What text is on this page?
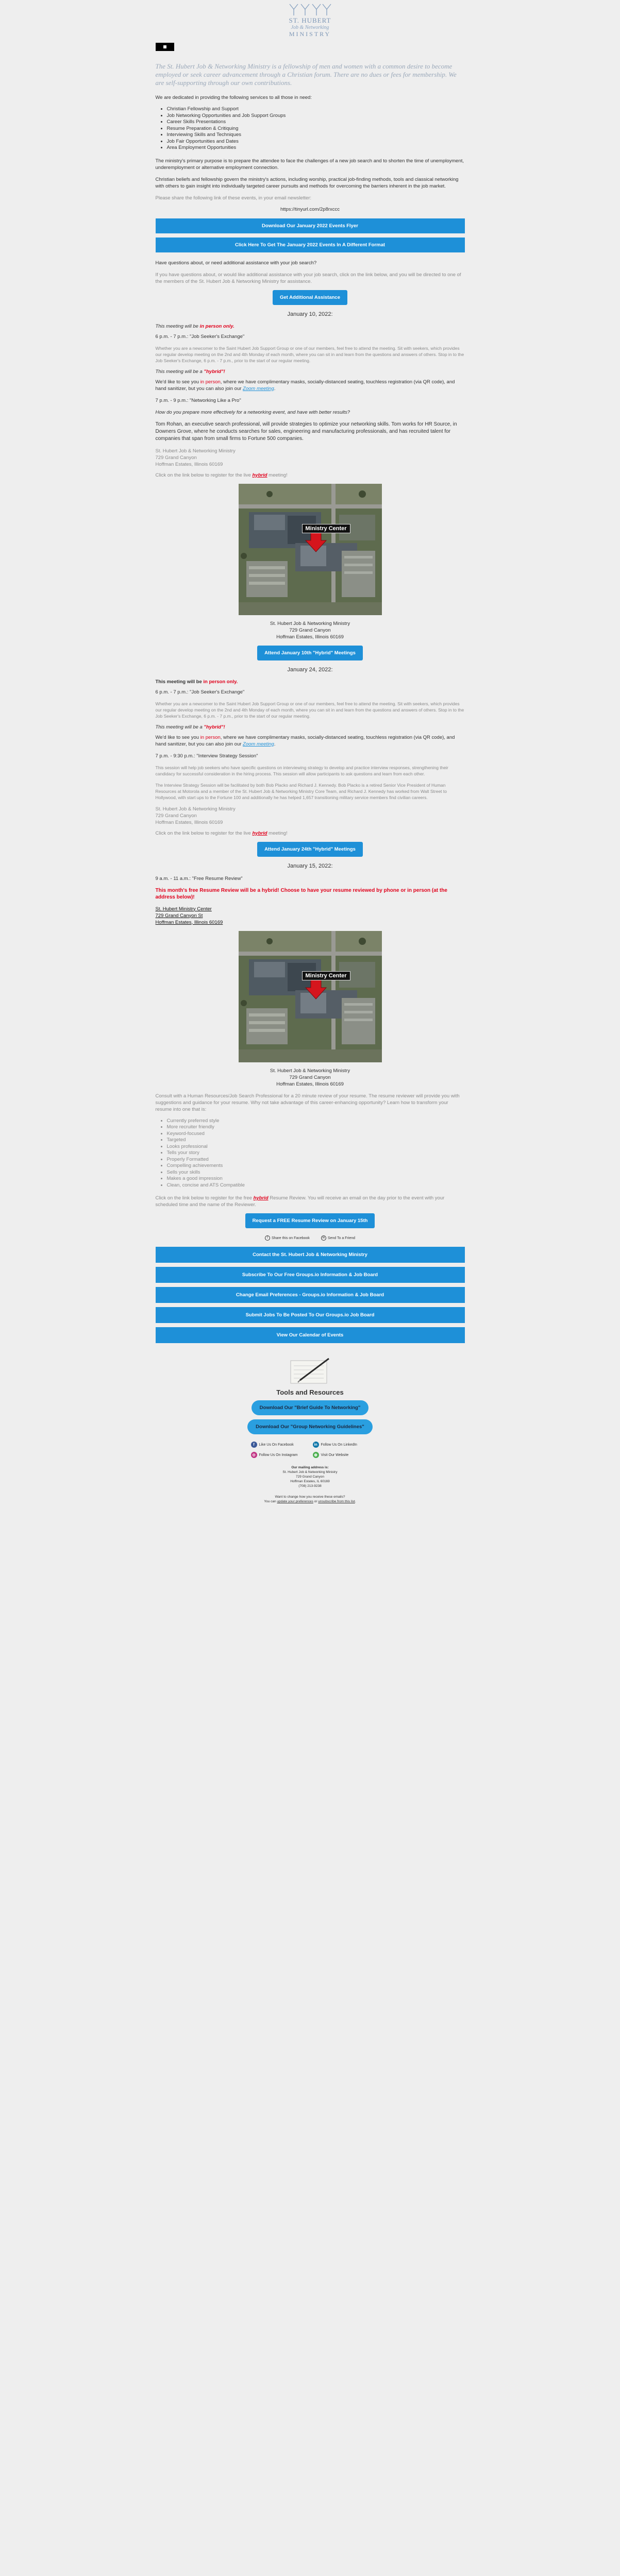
ST. HUBERT
Job & Networking
MINISTRY
The St. Hubert Job & Networking Ministry is a fellowship of men and women with a common desire to become employed or seek career advancement through a Christian forum. There are no dues or fees for membership. We are self-supporting through our own contributions.
We are dedicated in providing the following services to all those in need:
• Christian Fellowship and Support
• Job Networking Opportunities and Job Support Groups
• Career Skills Presentations
• Resume Preparation & Critiquing
• Interviewing Skills and Techniques
• Job Fair Opportunities and Dates
• Area Employment Opportunities
The ministry's primary purpose is to prepare the attendee to face the challenges of a new job search and to shorten the time of unemployment, underemployment or alternative employment connection.
Christian beliefs and fellowship govern the ministry's actions, including worship, practical job-finding methods, tools and classical networking with others to gain insight into individually targeted career pursuits and methods for overcoming the barriers inherent in the job market.
Please share the following link of these events, in your email newsletter:
https://tinyurl.com/2p8rxccc
Download Our January 2022 Events Flyer
Click Here To Get The January 2022 Events In A Different Format
Have questions about, or need additional assistance with your job search?
If you have questions about, or would like additional assistance with your job search, click on the link below, and you will be directed to one of the members of the St. Hubert Job & Networking Ministry for assistance.
Get Additional Assistance
January 10, 2022:
This meeting will be in person only.
6 p.m. - 7 p.m.: "Job Seeker's Exchange"
Whether you are a newcomer to the Saint Hubert Job Support Group or one of our members, feel free to attend the meeting. Sit with seekers, which provides our regular develop meeting on the 2nd and 4th Monday of each month, where you can sit in and learn from the questions and answers of others. Stop in to the Job Seeker's Exchange, 6 p.m. - 7 p.m., prior to the start of our regular meeting.
This meeting will be a "hybrid"!
We'd like to see you in person, where we have complimentary masks, socially-distanced seating, touchless registration (via QR code), and hand sanitizer, but you can also join our Zoom meeting.
7 p.m. - 9 p.m.: "Networking Like a Pro"
How do you prepare more effectively for a networking event, and have with better results?
Tom Rohan, an executive search professional, will provide strategies to optimize your networking skills. Tom works for HR Source, in Downers Grove, where he conducts searches for sales, engineering and manufacturing professionals, and has recruited talent for companies that span from small firms to Fortune 500 companies.
St. Hubert Job & Networking Ministry
729 Grand Canyon
Hoffman Estates, Illinois 60169
Click on the link below to register for the live hybrid meeting!
Ministry Center
St. Hubert Job & Networking Ministry
729 Grand Canyon
Hoffman Estates, Illinois 60169
Attend January 10th "Hybrid" Meetings
January 24, 2022:
This meeting will be in person only.
6 p.m. - 7 p.m.: "Job Seeker's Exchange"
Whether you are a newcomer to the Saint Hubert Job Support Group or one of our members, feel free to attend the meeting. Sit with seekers, which provides our regular develop meeting on the 2nd and 4th Monday of each month, where you can sit in and learn from the questions and answers of others. Stop in to the Job Seeker's Exchange, 6 p.m. - 7 p.m., prior to the start of our regular meeting.
This meeting will be a "hybrid"!
We'd like to see you in person, where we have complimentary masks, socially-distanced seating, touchless registration (via QR code), and hand sanitizer, but you can also join our Zoom meeting.
7 p.m. - 9:30 p.m.: "Interview Strategy Session"
This session will help job seekers who have specific questions on interviewing strategy to develop and practice interview responses, strengthening their candidacy for successful consideration in the hiring process. This session will allow participants to ask questions and learn from each other.
The Interview Strategy Session will be facilitated by both Bob Placko and Richard J. Kennedy. Bob Placko is a retired Senior Vice President of Human Resources at Motorola and a member of the St. Hubert Job & Networking Ministry Core Team, and Richard J. Kennedy has worked from Walt Street to Hollywood, with start ups to the Fortune 100 and additionally he has helped 1,657 transitioning military service members find civilian careers.
St. Hubert Job & Networking Ministry
729 Grand Canyon
Hoffman Estates, Illinois 60169
Click on the link below to register for the live hybrid meeting!
Attend January 24th "Hybrid" Meetings
January 15, 2022:
9 a.m. - 11 a.m.: "Free Resume Review"
This month's free Resume Review will be a hybrid! Choose to have your resume reviewed by phone or in person (at the address below)!
St. Hubert Ministry Center
729 Grand Canyon St
Hoffman Estates, Illinois 60169
Ministry Center
St. Hubert Job & Networking Ministry
729 Grand Canyon
Hoffman Estates, Illinois 60169
Consult with a Human Resources/Job Search Professional for a 20 minute review of your resume. The resume reviewer will provide you with suggestions and guidance for your resume. Why not take advantage of this career-enhancing opportunity? Learn how to transform your resume into one that is:
• Currently preferred style
• More recruiter friendly
• Keyword-focused
• Targeted
• Looks professional
• Tells your story
• Properly Formatted
• Compelling achievements
• Sells your skills
• Makes a good impression
• Clean, concise and ATS Compatible
Click on the link below to register for the free hybrid Resume Review. You will receive an email on the day prior to the event with your scheduled time and the name of the Reviewer.
Request a FREE Resume Review on January 15th
f Share this on Facebook	✉ Send To a Friend
Contact the St. Hubert Job & Networking Ministry
Subscribe To Our Free Groups.io Information & Job Board
Change Email Preferences - Groups.io Information & Job Board
Submit Jobs To Be Posted To Our Groups.io Job Board
View Our Calendar of Events
Tools and Resources
Download Our "Brief Guide To Networking"
Download Our "Group Networking Guidelines"
f	Like Us On Facebook	in Follow Us On LinkedIn
◎ Follow Us On Instagram	◍ Visit Our Website
Our mailing address is:
St. Hubert Job & Networking Ministry
729 Grand Canyon
Hoffman Estates, IL 60169
(708) 213-9238
Want to change how you receive these emails?
You can update your preferences or unsubscribe from this list.
